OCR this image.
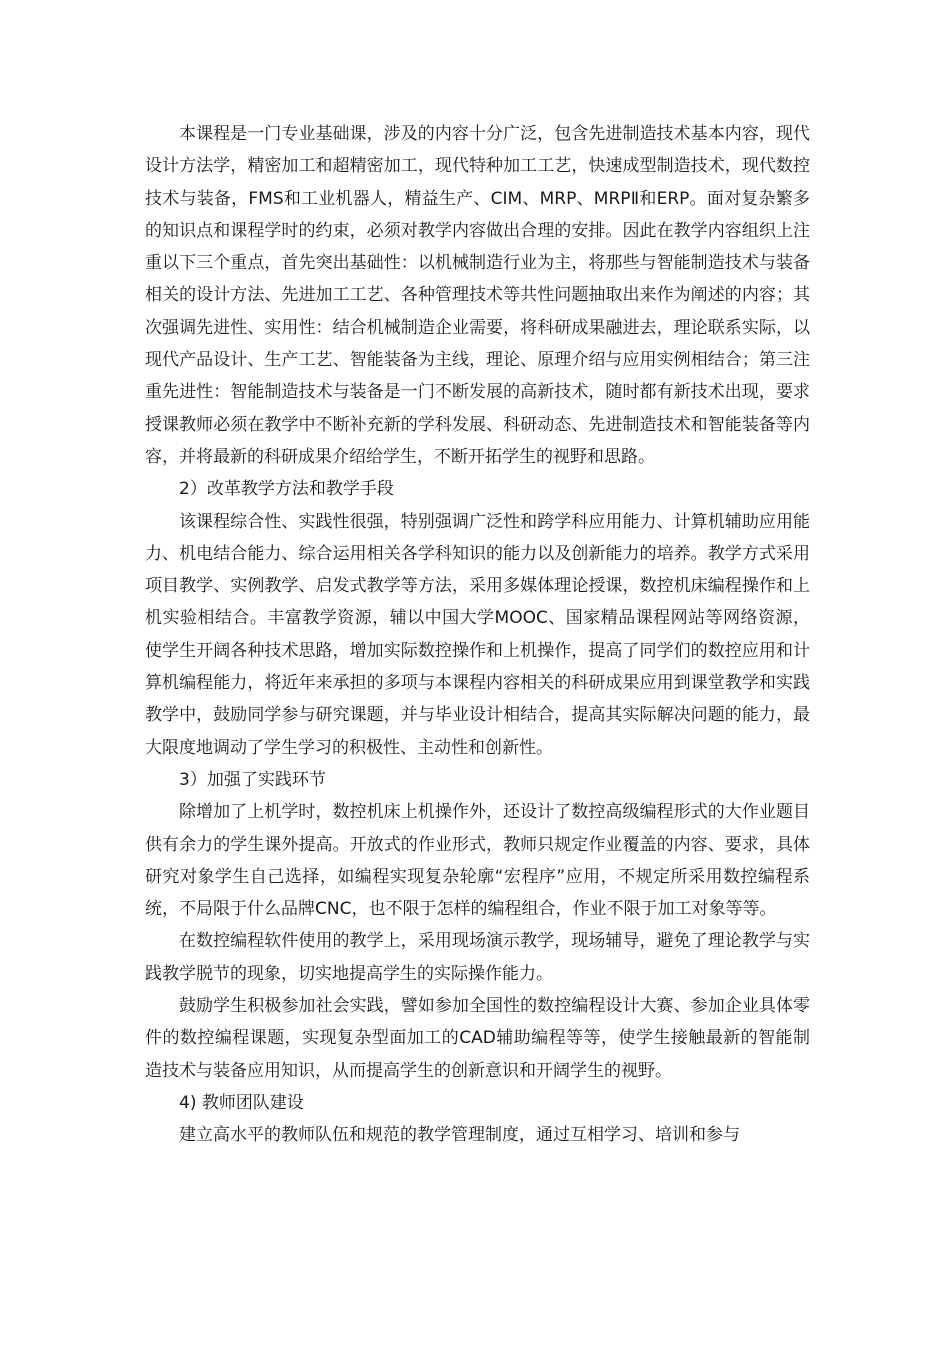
本课程是一门专业基础课，涉及的内容十分广泛，包含先进制造技术基本内容，现代设计方法学，精密加工和超精密加工，现代特种加工工艺，快速成型制造技术，现代数控技术与装备，FMS和工业机器人，精益生产、CIM、MRP、MRPⅡ和ERP。面对复杂繁多的知识点和课程学时的约束，必须对教学内容做出合理的安排。因此在教学内容组织上注重以下三个重点，首先突出基础性：以机械制造行业为主，将那些与智能制造技术与装备相关的设计方法、先进加工工艺、各种管理技术等共性问题抽取出来作为阐述的内容；其次强调先进性、实用性：结合机械制造企业需要，将科研成果融进去，理论联系实际，以现代产品设计、生产工艺、智能装备为主线，理论、原理介绍与应用实例相结合；第三注重先进性：智能制造技术与装备是一门不断发展的高新技术，随时都有新技术出现，要求授课教师必须在教学中不断补充新的学科发展、科研动态、先进制造技术和智能装备等内容，并将最新的科研成果介绍给学生，不断开拓学生的视野和思路。

2）改革教学方法和教学手段

该课程综合性、实践性很强，特别强调广泛性和跨学科应用能力、计算机辅助应用能力、机电结合能力、综合运用相关各学科知识的能力以及创新能力的培养。教学方式采用项目教学、实例教学、启发式教学等方法，采用多媒体理论授课，数控机床编程操作和上机实验相结合。丰富教学资源，辅以中国大学MOOC、国家精品课程网站等网络资源，使学生开阔各种技术思路，增加实际数控操作和上机操作，提高了同学们的数控应用和计算机编程能力，将近年来承担的多项与本课程内容相关的科研成果应用到课堂教学和实践教学中，鼓励同学参与研究课题，并与毕业设计相结合，提高其实际解决问题的能力，最大限度地调动了学生学习的积极性、主动性和创新性。

3）加强了实践环节

除增加了上机学时，数控机床上机操作外，还设计了数控高级编程形式的大作业题目供有余力的学生课外提高。开放式的作业形式，教师只规定作业覆盖的内容、要求，具体研究对象学生自己选择，如编程实现复杂轮廓“宏程序”应用，不规定所采用数控编程系统，不局限于什么品牌CNC，也不限于怎样的编程组合，作业不限于加工对象等等。

在数控编程软件使用的教学上，采用现场演示教学，现场辅导，避免了理论教学与实践教学脱节的现象，切实地提高学生的实际操作能力。

鼓励学生积极参加社会实践，譬如参加全国性的数控编程设计大赛、参加企业具体零件的数控编程课题，实现复杂型面加工的CAD辅助编程等等，使学生接触最新的智能制造技术与装备应用知识，从而提高学生的创新意识和开阔学生的视野。

4) 教师团队建设

建立高水平的教师队伍和规范的教学管理制度，通过互相学习、培训和参与
